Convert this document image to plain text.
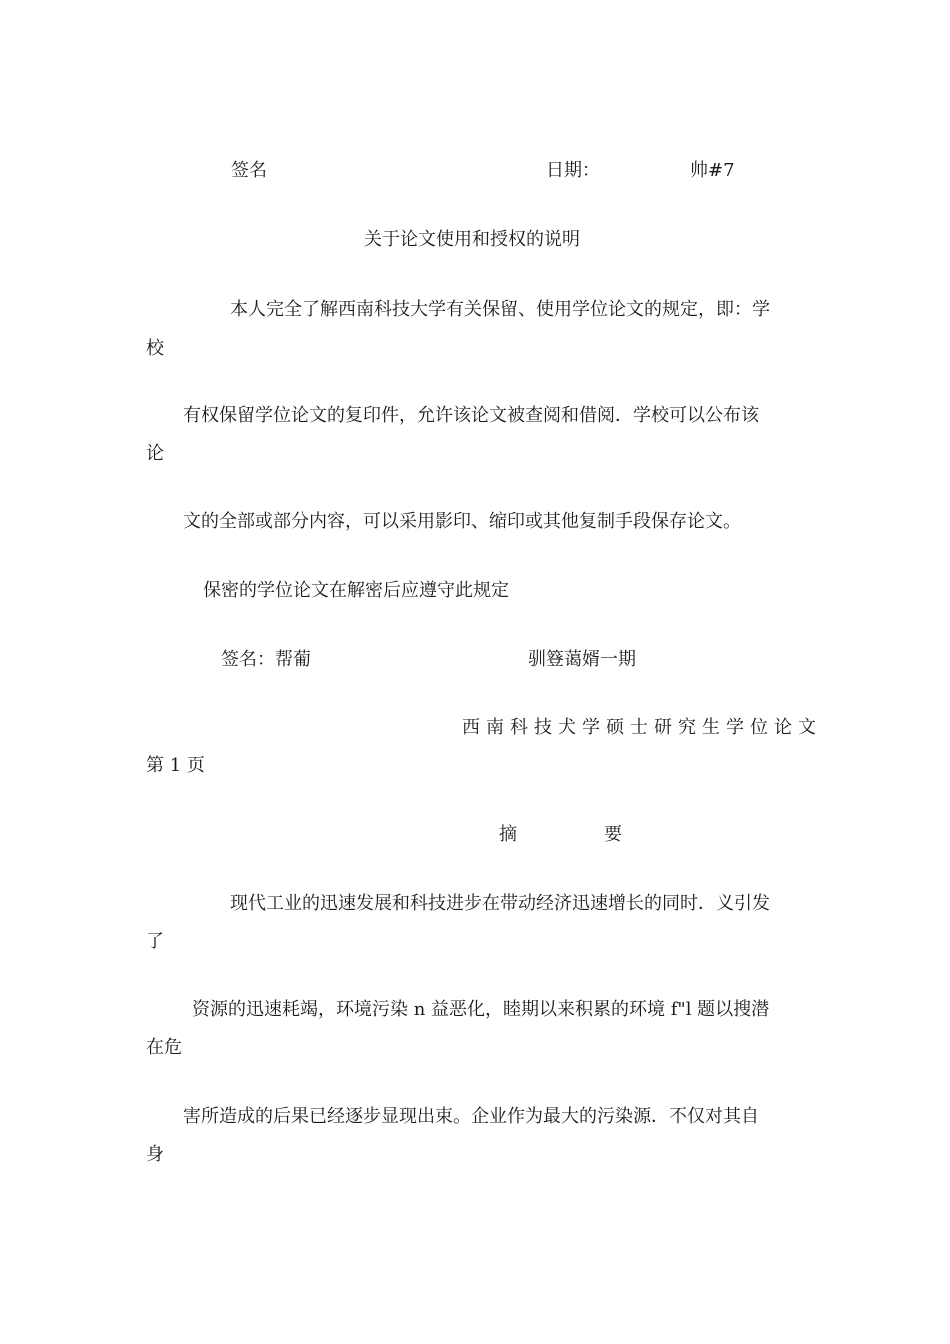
签名	日期：	帅#7
关于论文使用和授权的说明
本人完全了解西南科技大学有关保留、使用学位论文的规定，即：学
校
有权保留学位论文的复印件，允许该论文被查阅和借阅．学校可以公布该
论
文的全部或部分内容，可以采用影印、缩印或其他复制手段保存论文。
保密的学位论文在解密后应遵守此规定
签名：帮葡	驯簦蔼婿一期
西南科技犬学硕士研究生学位论文
第 1 页
摘	要
现代工业的迅速发展和科技进步在带动经济迅速增长的同时．义引发
了
资源的迅速耗竭，环境污染 n 益恶化，睦期以来积累的环境 f"l 题以搜潜
在危
害所造成的后果已经逐步显现出束。企业作为最大的污染源．不仅对其自
身
